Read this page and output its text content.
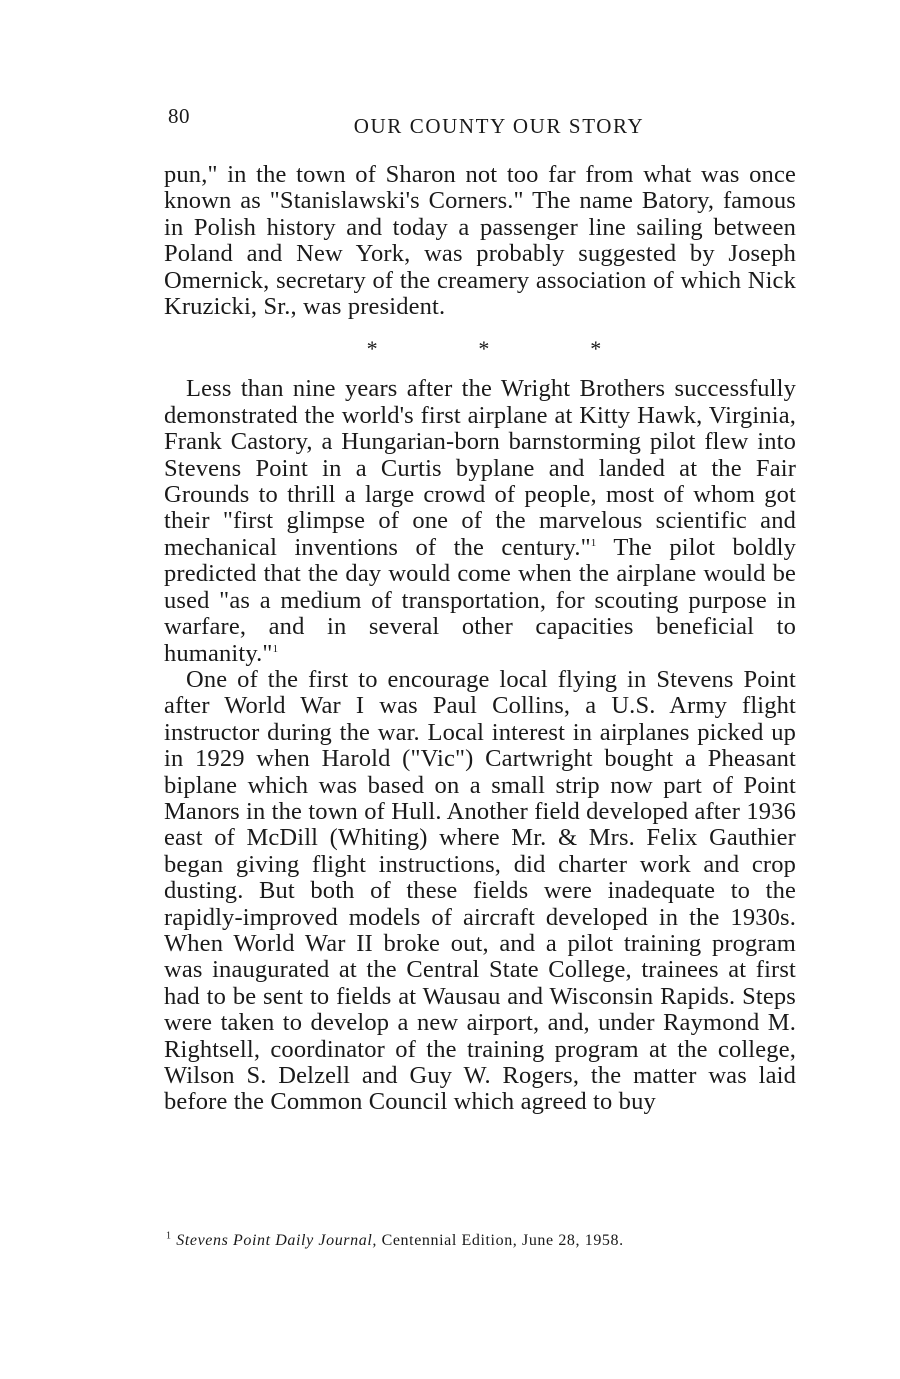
80	OUR COUNTY OUR STORY

pun," in the town of Sharon not too far from what was once known as "Stanislawski's Corners." The name Batory, famous in Polish history and today a passenger line sailing between Poland and New York, was probably suggested by Joseph Omernick, secretary of the creamery association of which Nick Kruzicki, Sr., was president.

* * *

Less than nine years after the Wright Brothers successfully demonstrated the world's first airplane at Kitty Hawk, Virginia, Frank Castory, a Hungarian-born barnstorming pilot flew into Stevens Point in a Curtis byplane and landed at the Fair Grounds to thrill a large crowd of people, most of whom got their "first glimpse of one of the marvelous scientific and mechanical inventions of the century."$^1$ The pilot boldly predicted that the day would come when the airplane would be used "as a medium of transportation, for scouting purpose in warfare, and in several other capacities beneficial to humanity."$^1$

One of the first to encourage local flying in Stevens Point after World War I was Paul Collins, a U.S. Army flight instructor during the war. Local interest in airplanes picked up in 1929 when Harold ("Vic") Cartwright bought a Pheasant biplane which was based on a small strip now part of Point Manors in the town of Hull. Another field developed after 1936 east of McDill (Whiting) where Mr. & Mrs. Felix Gauthier began giving flight instructions, did charter work and crop dusting. But both of these fields were inadequate to the rapidly-improved models of aircraft developed in the 1930s. When World War II broke out, and a pilot training program was inaugurated at the Central State College, trainees at first had to be sent to fields at Wausau and Wisconsin Rapids. Steps were taken to develop a new airport, and, under Raymond M. Rightsell, coordinator of the training program at the college, Wilson S. Delzell and Guy W. Rogers, the matter was laid before the Common Council which agreed to buy

$^1$ Stevens Point Daily Journal, Centennial Edition, June 28, 1958.
